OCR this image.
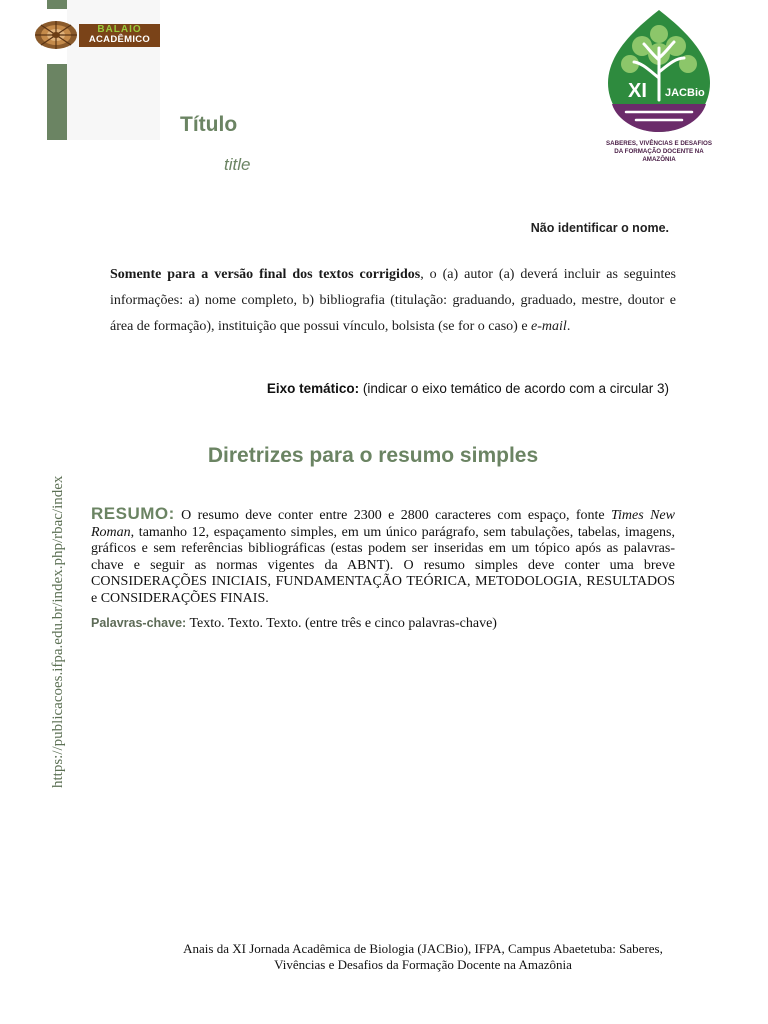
BALAIO
ACADÊMICO
XI JACBio
SABERES, VIVÊNCIAS E DESAFIOS
DA FORMAÇÃO DOCENTE NA AMAZÔNIA
Título
title
Não identificar o nome.

Somente para a versão final dos textos corrigidos, o (a) autor (a) deverá incluir as seguintes informações: a) nome completo, b) bibliografia (titulação: graduando, graduado, mestre, doutor e área de formação), instituição que possui vínculo, bolsista (se for o caso) e e-mail.

Eixo temático: (indicar o eixo temático de acordo com a circular 3)
Diretrizes para o resumo simples

RESUMO: O resumo deve conter entre 2300 e 2800 caracteres com espaço, fonte Times New Roman, tamanho 12, espaçamento simples, em um único parágrafo, sem tabulações, tabelas, imagens, gráficos e sem referências bibliográficas (estas podem ser inseridas em um tópico após as palavras-chave e seguir as normas vigentes da ABNT). O resumo simples deve conter uma breve CONSIDERAÇÕES INICIAIS, FUNDAMENTAÇÃO TEÓRICA, METODOLOGIA, RESULTADOS e CONSIDERAÇÕES FINAIS.

Palavras-chave: Texto. Texto. Texto. (entre três e cinco palavras-chave)

https://publicacoes.ifpa.edu.br/index.php/rbac/index
Anais da XI Jornada Acadêmica de Biologia (JACBio), IFPA, Campus Abaetetuba: Saberes,
Vivências e Desafios da Formação Docente na Amazônia
